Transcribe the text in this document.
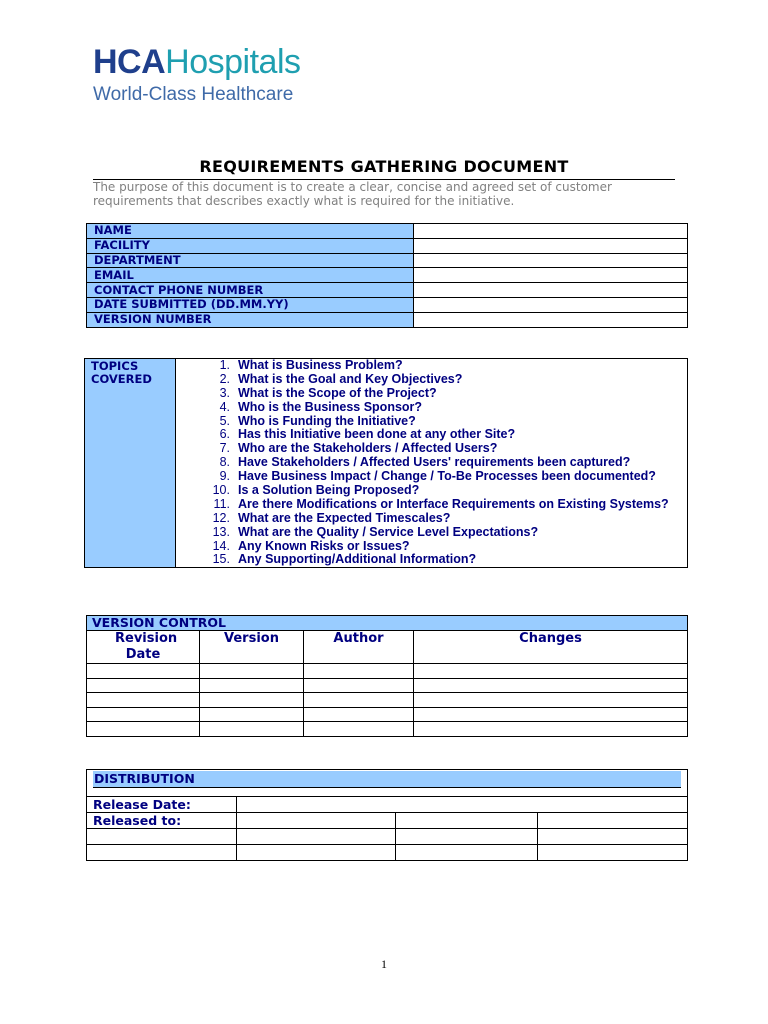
HCAHospitals
World-Class Healthcare
REQUIREMENTS GATHERING DOCUMENT
The purpose of this document is to create a clear, concise and agreed set of customer requirements that describes exactly what is required for the initiative.
NAME	
FACILITY	
DEPARTMENT	
EMAIL	
CONTACT PHONE NUMBER	
DATE SUBMITTED (DD.MM.YY)	
VERSION NUMBER	
TOPICS COVERED

1. What is Business Problem?
2. What is the Goal and Key Objectives?
3. What is the Scope of the Project?
4. Who is the Business Sponsor?
5. Who is Funding the Initiative?
6. Has this Initiative been done at any other Site?
7. Who are the Stakeholders / Affected Users?
8. Have Stakeholders / Affected Users' requirements been captured?
9. Have Business Impact / Change / To-Be Processes been documented?
10. Is a Solution Being Proposed?
11. Are there Modifications or Interface Requirements on Existing Systems?
12. What are the Expected Timescales?
13. What are the Quality / Service Level Expectations?
14. Any Known Risks or Issues?
15. Any Supporting/Additional Information?
VERSION CONTROL			
Revision Date	Version	Author	Changes

DISTRIBUTION			

Release Date:			
Released to:			

1
